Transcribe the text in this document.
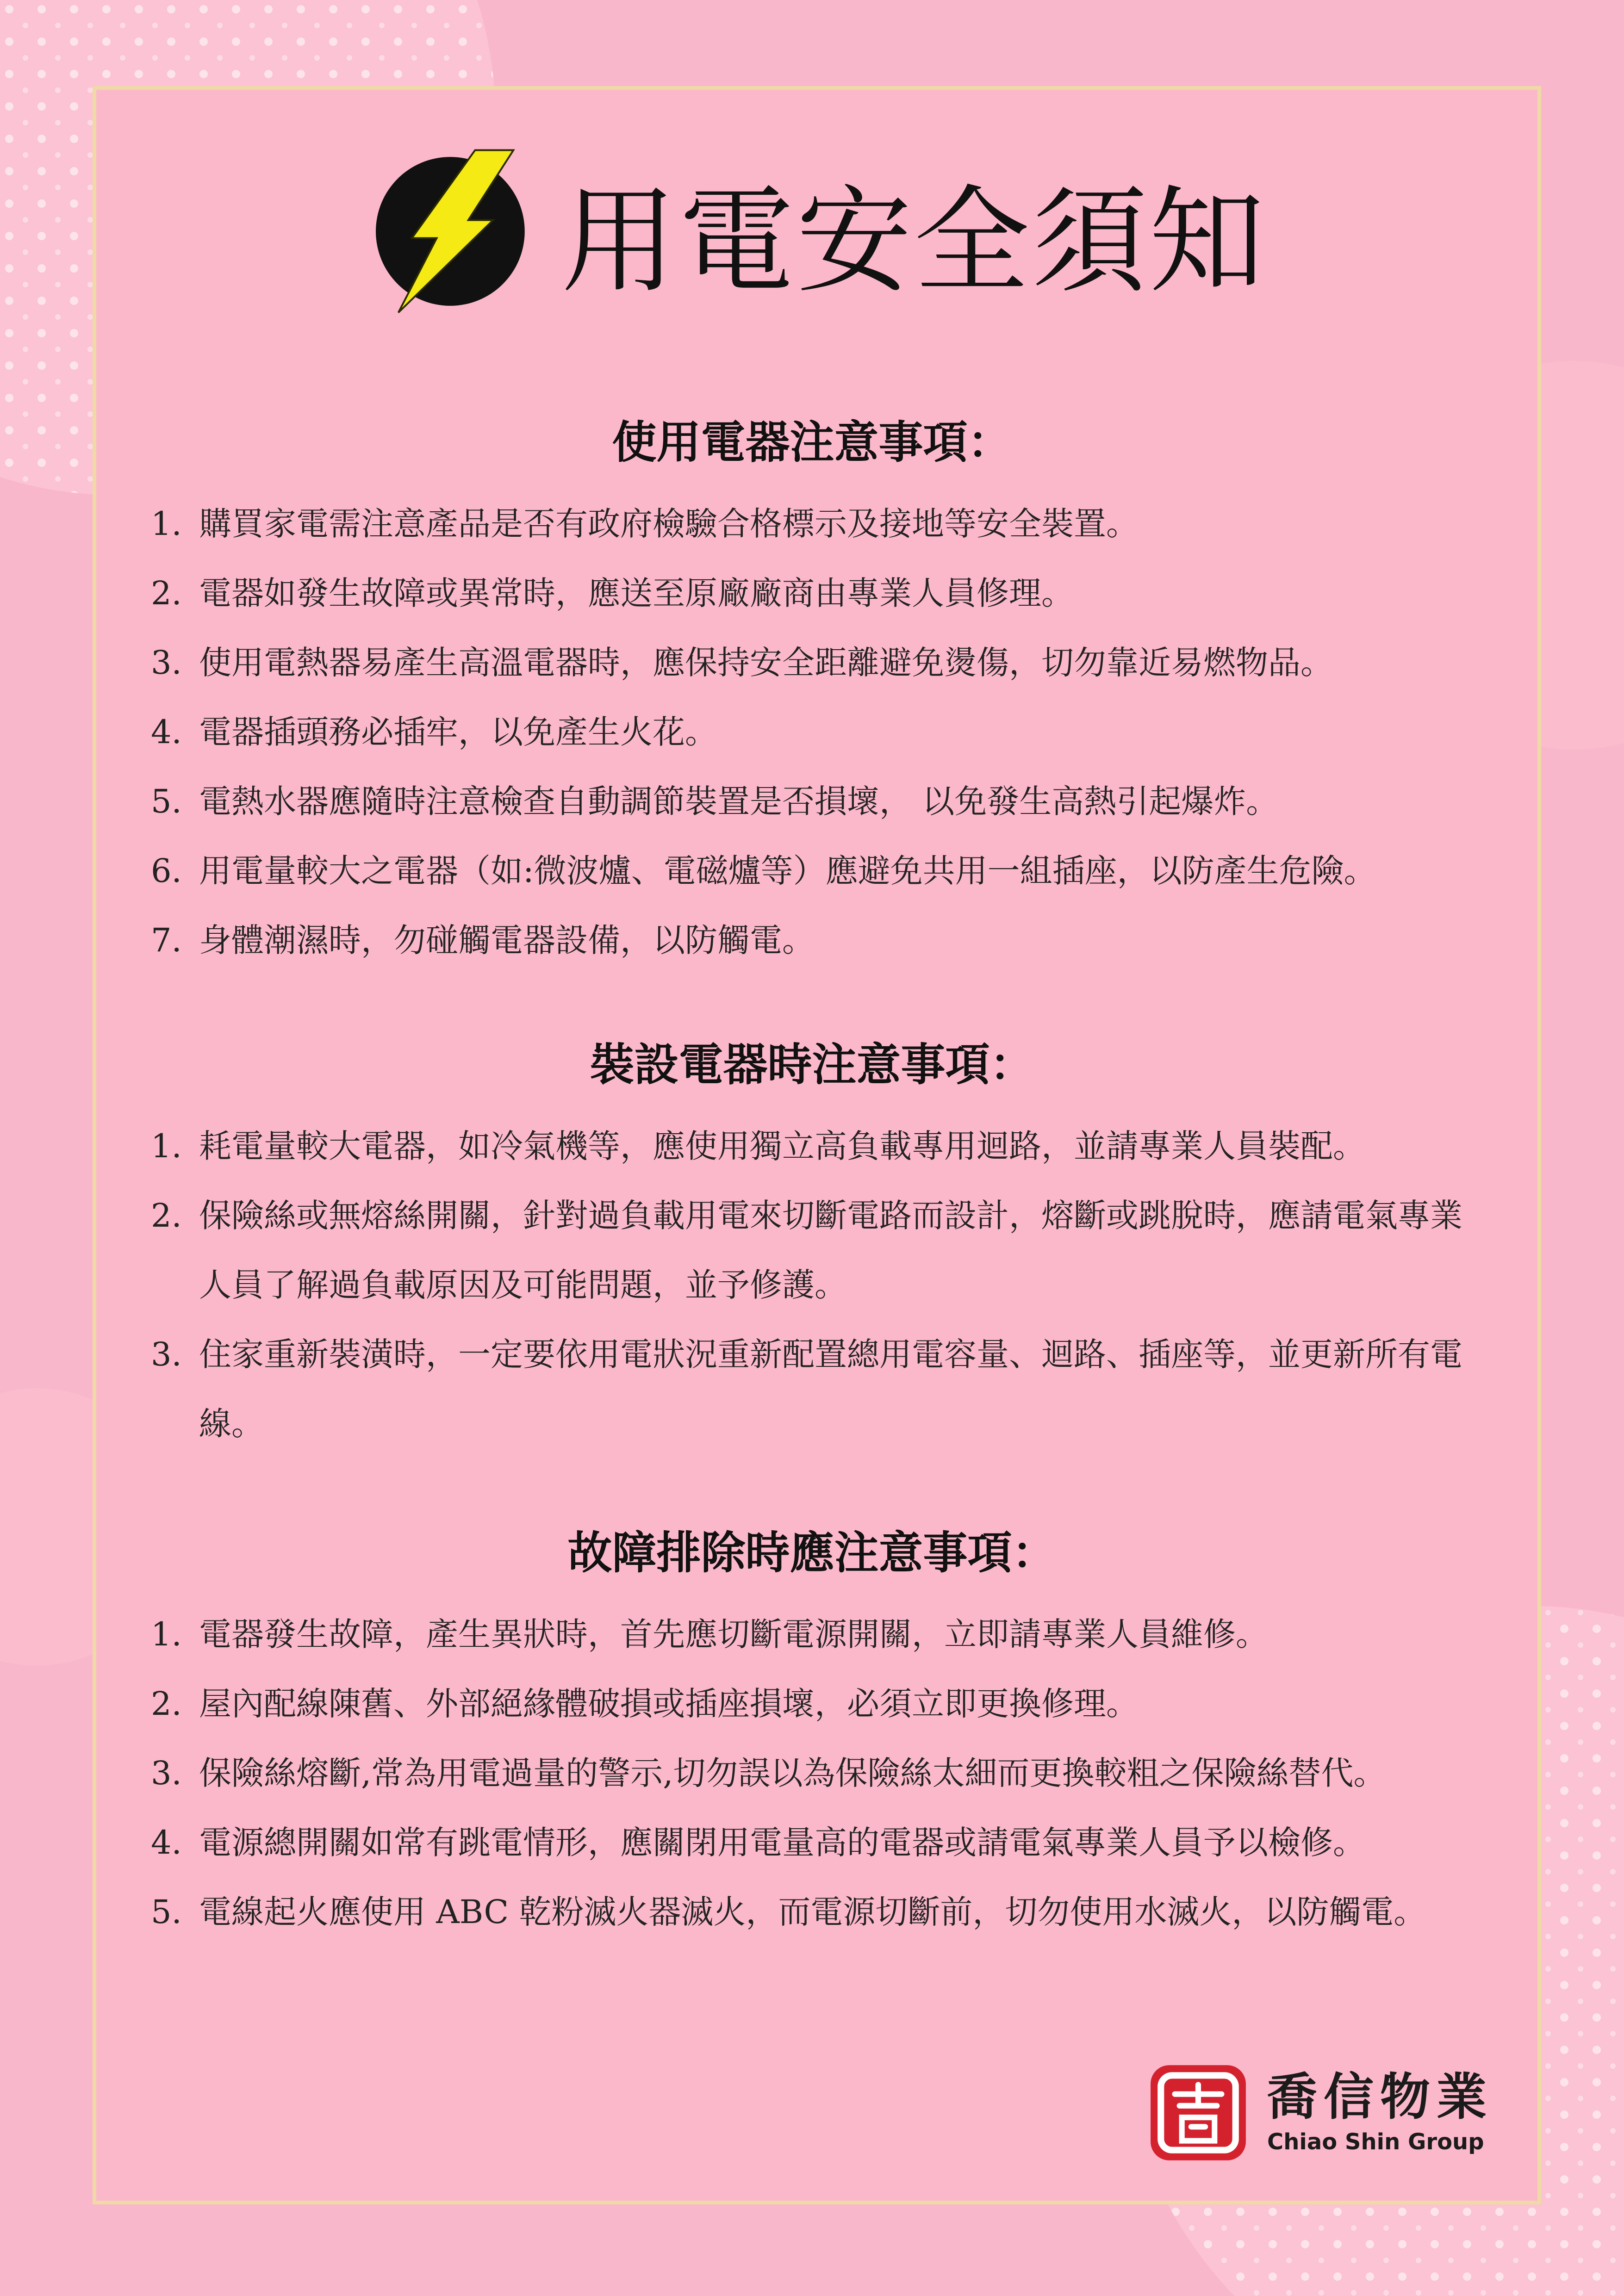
用電安全須知
使用電器注意事項：
1. 購買家電需注意產品是否有政府檢驗合格標示及接地等安全裝置。
2. 電器如發生故障或異常時，應送至原廠廠商由專業人員修理。
3. 使用電熱器易產生高溫電器時，應保持安全距離避免燙傷，切勿靠近易燃物品。
4. 電器插頭務必插牢，以免產生火花。
5. 電熱水器應隨時注意檢查自動調節裝置是否損壞， 以免發生高熱引起爆炸。
6. 用電量較大之電器（如:微波爐、電磁爐等）應避免共用一組插座，以防產生危險。
7. 身體潮濕時，勿碰觸電器設備，以防觸電。
裝設電器時注意事項：
1. 耗電量較大電器，如冷氣機等，應使用獨立高負載專用迴路，並請專業人員裝配。
2. 保險絲或無熔絲開關，針對過負載用電來切斷電路而設計，熔斷或跳脫時，應請電氣專業人員了解過負載原因及可能問題，並予修護。
3. 住家重新裝潢時，一定要依用電狀況重新配置總用電容量、迴路、插座等，並更新所有電線。
故障排除時應注意事項：
1. 電器發生故障，產生異狀時，首先應切斷電源開關，立即請專業人員維修。
2. 屋內配線陳舊、外部絕緣體破損或插座損壞，必須立即更換修理。
3. 保險絲熔斷,常為用電過量的警示,切勿誤以為保險絲太細而更換較粗之保險絲替代。
4. 電源總開關如常有跳電情形，應關閉用電量高的電器或請電氣專業人員予以檢修。
5. 電線起火應使用 ABC 乾粉滅火器滅火，而電源切斷前，切勿使用水滅火，以防觸電。
喬信物業
Chiao Shin Group
